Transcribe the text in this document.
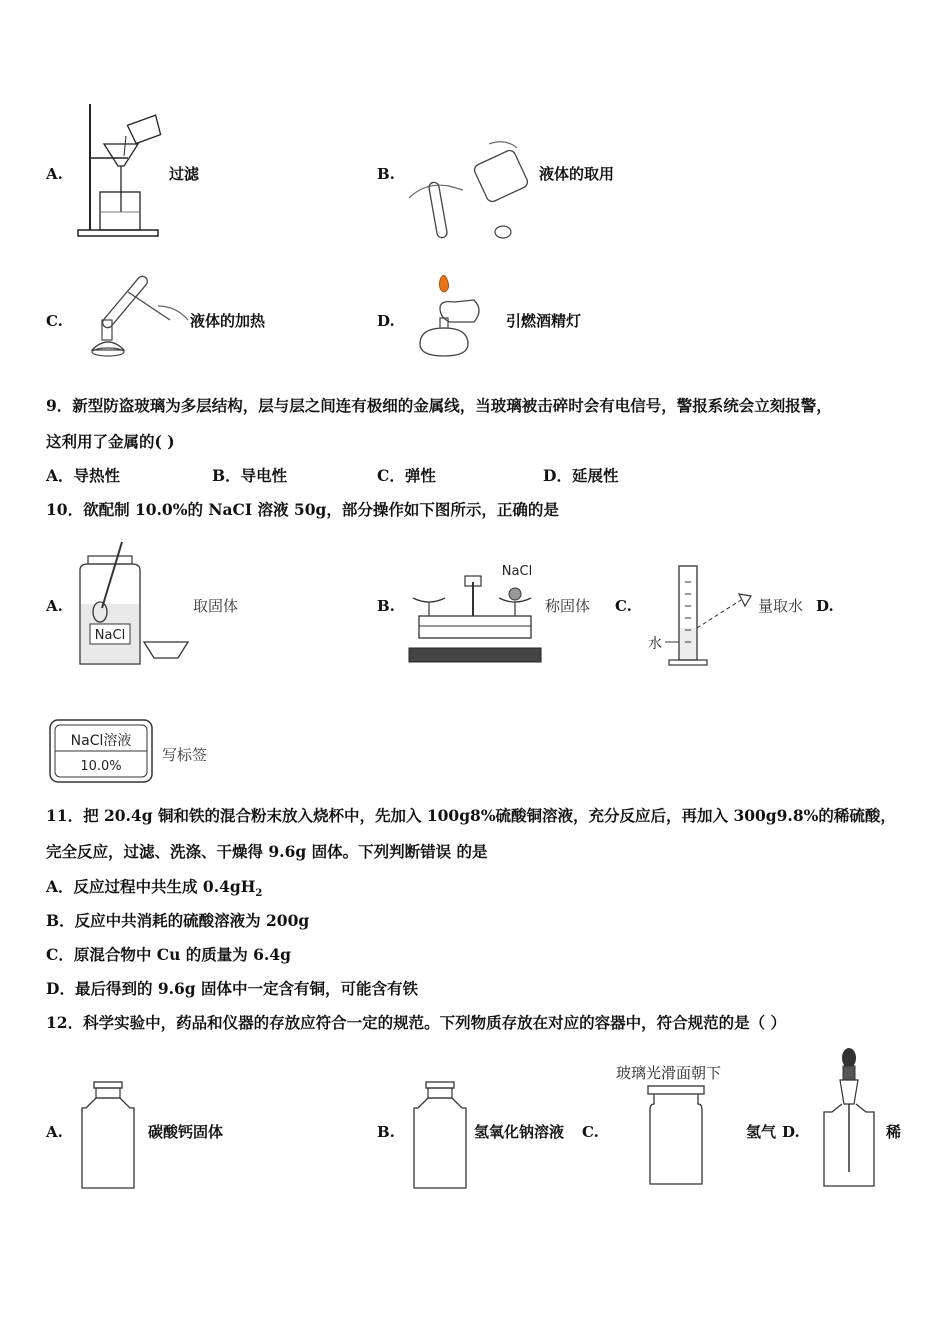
A.	过滤	B.	液体的取用
C.	液体的加热	D.	引燃酒精灯
9．新型防盗玻璃为多层结构，层与层之间连有极细的金属线，当玻璃被击碎时会有电信号，警报系统会立刻报警，
这利用了金属的( )
A．导热性	B．导电性	C．弹性	D．延展性
10．欲配制 10.0%的 NaCI 溶液 50g，部分操作如下图所示，正确的是
A.
NaCl
取固体	B.
NaCl
称固体 C.
水
量取水 D.
NaCl溶液
10.0%
写标签
11．把 20.4g 铜和铁的混合粉末放入烧杯中，先加入 100g8%硫酸铜溶液，充分反应后，再加入 300g9.8%的稀硫酸，
完全反应，过滤、洗涤、干燥得 9.6g 固体。下列判断错误 的是
A．反应过程中共生成 $0.4gH_2$
B．反应中共消耗的硫酸溶液为 200g
C．原混合物中 Cu 的质量为 6.4g
D．最后得到的 9.6g 固体中一定含有铜，可能含有铁
12．科学实验中，药品和仪器的存放应符合一定的规范。下列物质存放在对应的容器中，符合规范的是（ ）
A.	碳酸钙固体	B.	氢氧化钠溶液 C.
玻璃光滑面朝下
氢气 D.	稀
